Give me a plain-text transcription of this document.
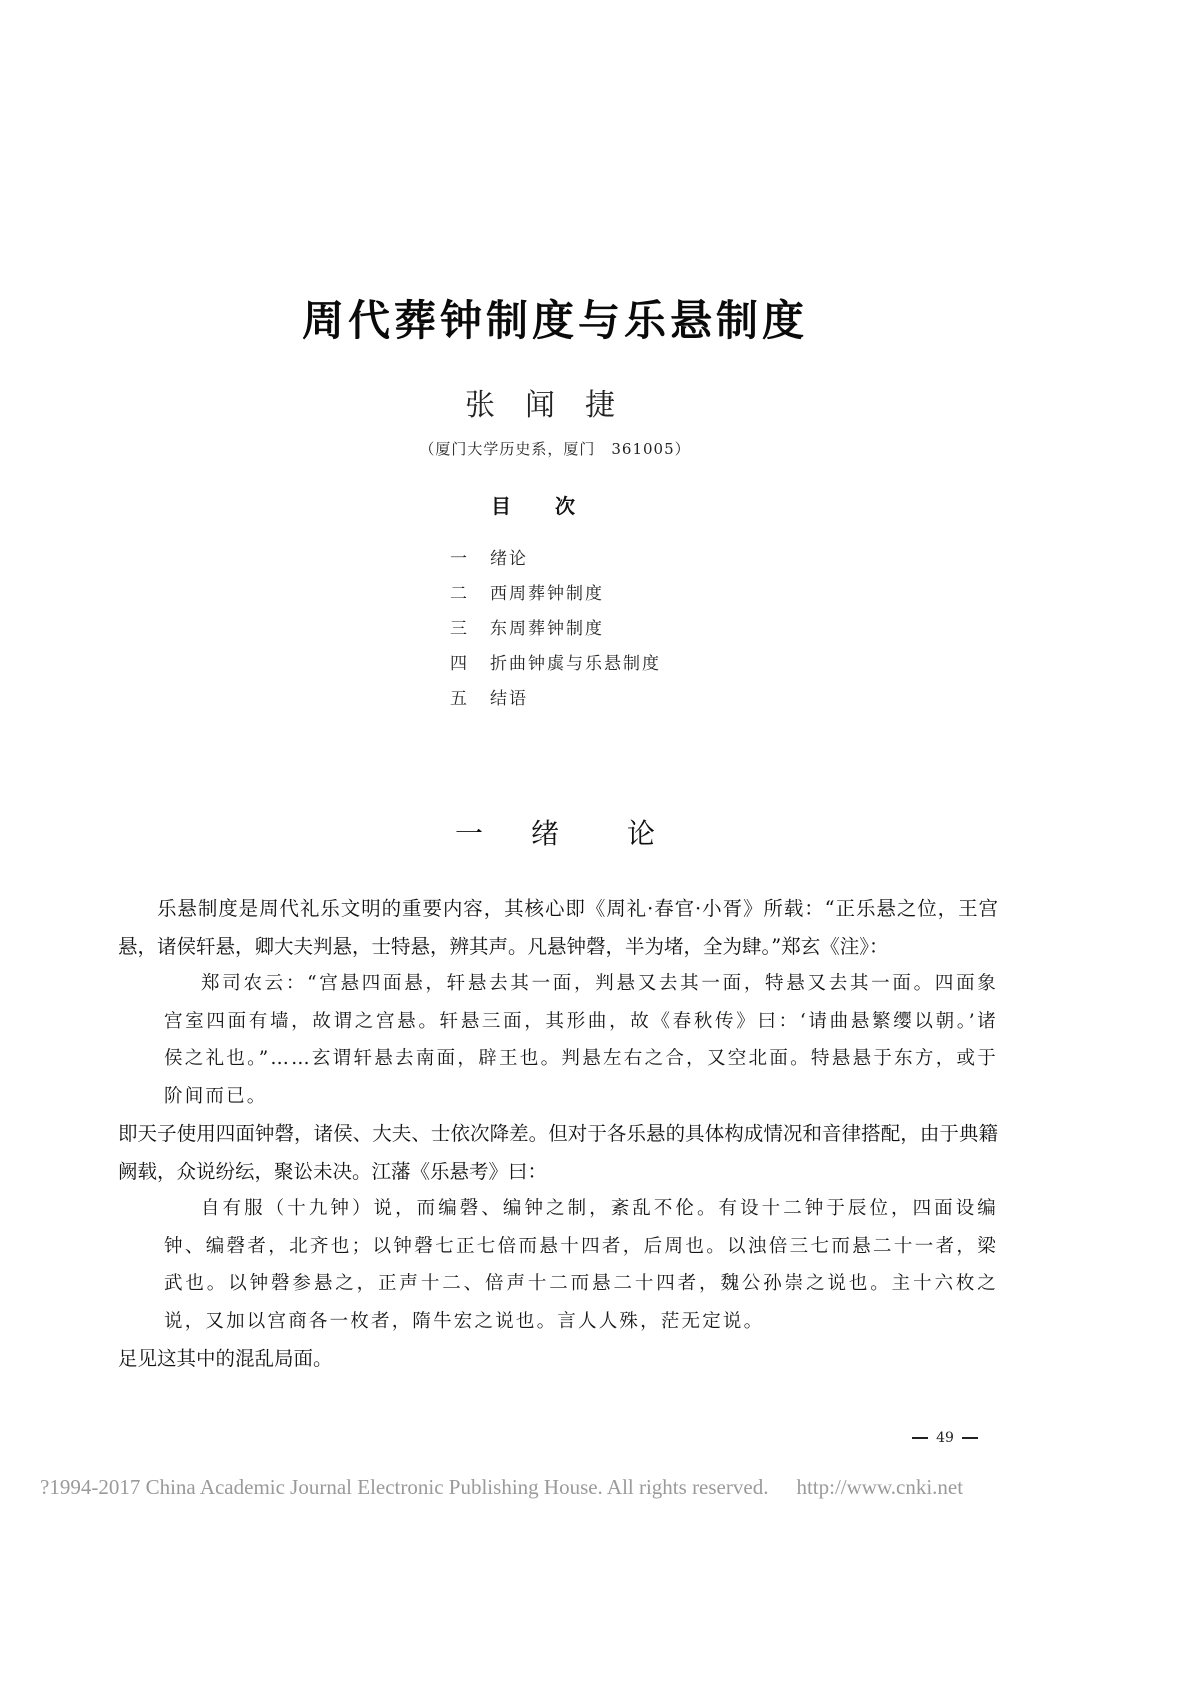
周代葬钟制度与乐悬制度
张闻捷
（厦门大学历史系，厦门　361005）
目次
一	绪论
二	西周葬钟制度
三	东周葬钟制度
四	折曲钟虡与乐悬制度
五	结语
一 绪 论

乐悬制度是周代礼乐文明的重要内容，其核心即《周礼·春官·小胥》所载：“正乐悬之位，王宫悬，诸侯轩悬，卿大夫判悬，士特悬，辨其声。凡悬钟磬，半为堵，全为肆。”郑玄《注》：

郑司农云：“宫悬四面悬，轩悬去其一面，判悬又去其一面，特悬又去其一面。四面象宫室四面有墙，故谓之宫悬。轩悬三面，其形曲，故《春秋传》曰：‘请曲悬繁缨以朝。’诸侯之礼也。”……玄谓轩悬去南面，辟王也。判悬左右之合，又空北面。特悬悬于东方，或于阶间而已。

即天子使用四面钟磬，诸侯、大夫、士依次降差。但对于各乐悬的具体构成情况和音律搭配，由于典籍阙载，众说纷纭，聚讼未决。江藩《乐悬考》曰：

自有服（十九钟）说，而编磬、编钟之制，紊乱不伦。有设十二钟于辰位，四面设编钟、编磬者，北齐也；以钟磬七正七倍而悬十四者，后周也。以浊倍三七而悬二十一者，梁武也。以钟磬参悬之，正声十二、倍声十二而悬二十四者，魏公孙崇之说也。主十六枚之说，又加以宫商各一枚者，隋牛宏之说也。言人人殊，茫无定说。

足见这其中的混乱局面。

49
?1994-2017 China Academic Journal Electronic Publishing House. All rights reserved. http://www.cnki.net
